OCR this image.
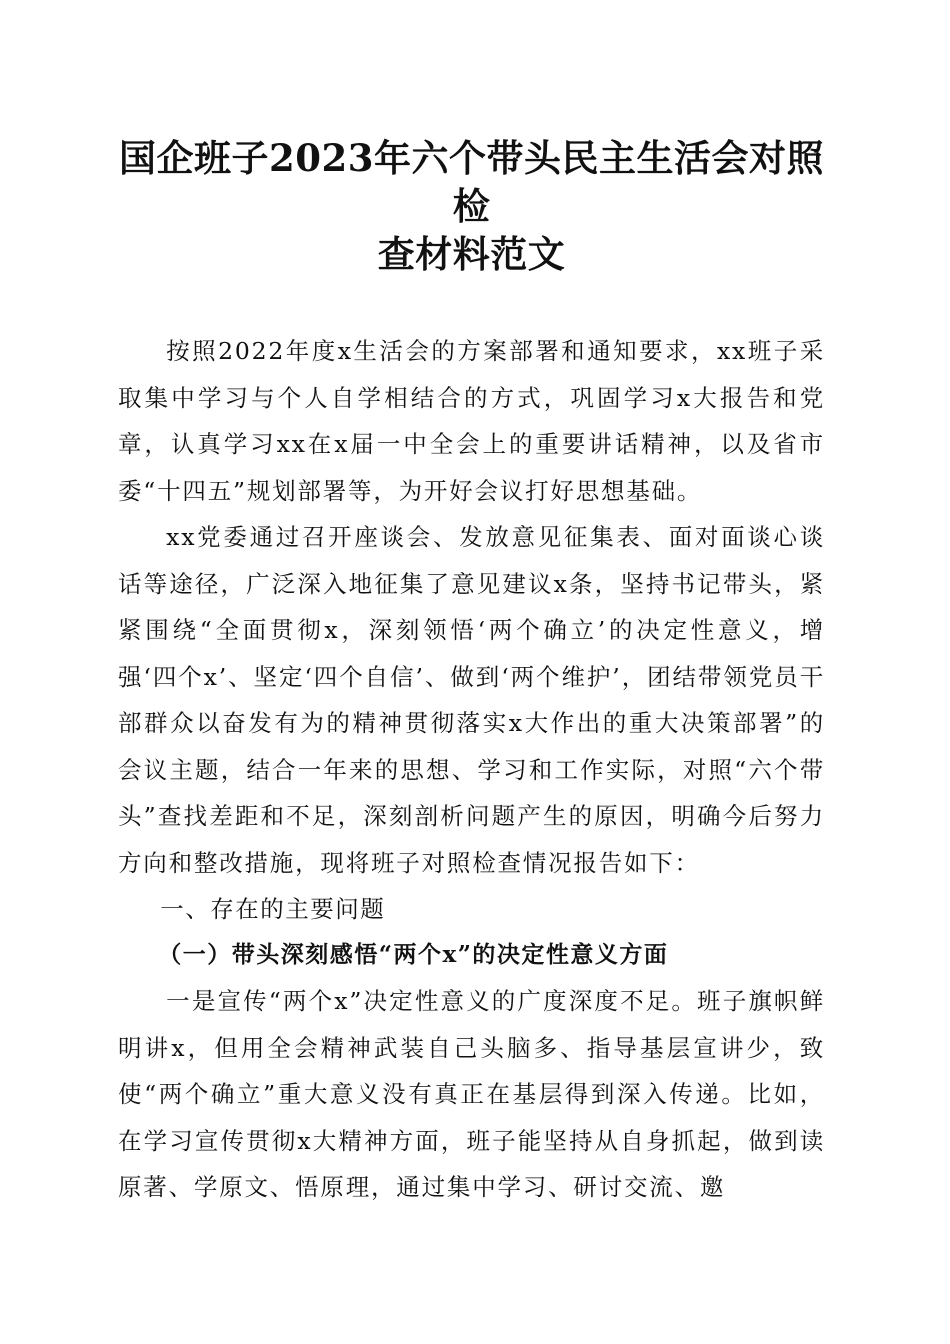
国企班子2023年六个带头民主生活会对照检
查材料范文

按照2022年度x生活会的方案部署和通知要求，xx班子采取集中学习与个人自学相结合的方式，巩固学习x大报告和党章，认真学习xx在x届一中全会上的重要讲话精神，以及省市委“十四五”规划部署等，为开好会议打好思想基础。

xx党委通过召开座谈会、发放意见征集表、面对面谈心谈话等途径，广泛深入地征集了意见建议x条，坚持书记带头，紧紧围绕“全面贯彻x，深刻领悟‘两个确立’的决定性意义，增强‘四个x’、坚定‘四个自信’、做到‘两个维护’，团结带领党员干部群众以奋发有为的精神贯彻落实x大作出的重大决策部署”的会议主题，结合一年来的思想、学习和工作实际，对照“六个带头”查找差距和不足，深刻剖析问题产生的原因，明确今后努力方向和整改措施，现将班子对照检查情况报告如下：

一、存在的主要问题
（一）带头深刻感悟“两个x”的决定性意义方面

一是宣传“两个x”决定性意义的广度深度不足。班子旗帜鲜明讲x，但用全会精神武装自己头脑多、指导基层宣讲少，致使“两个确立”重大意义没有真正在基层得到深入传递。比如，在学习宣传贯彻x大精神方面，班子能坚持从自身抓起，做到读原著、学原文、悟原理，通过集中学习、研讨交流、邀
